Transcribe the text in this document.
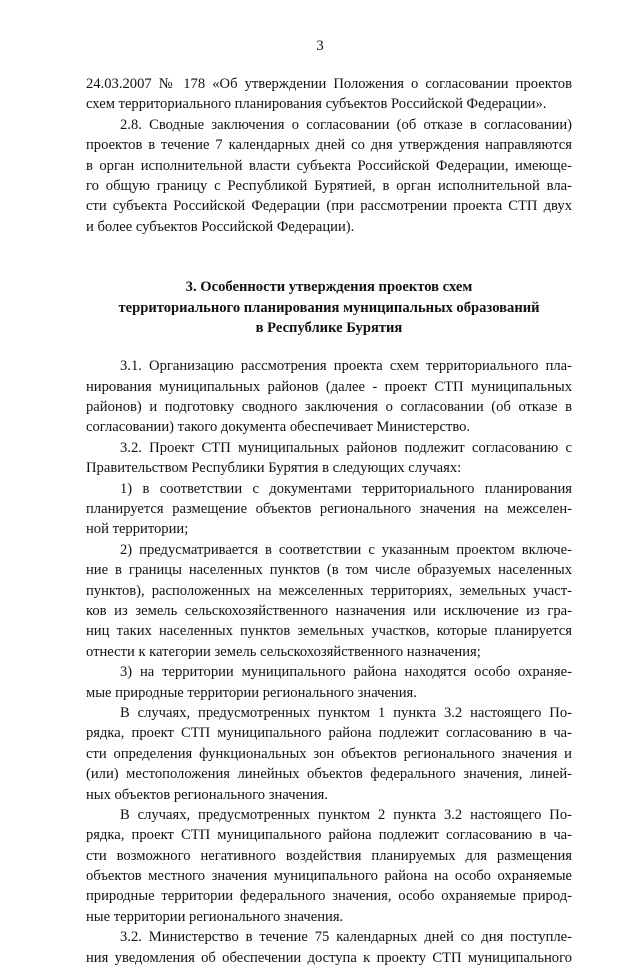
3
24.03.2007 № 178 «Об утверждении Положения о согласовании проектов
схем территориального планирования субъектов Российской Федерации».
2.8. Сводные заключения о согласовании (об отказе в согласовании)
проектов в течение 7 календарных дней со дня утверждения направляются
в орган исполнительной власти субъекта Российской Федерации, имеюще-
го общую границу с Республикой Бурятией, в орган исполнительной вла-
сти субъекта Российской Федерации (при рассмотрении проекта СТП двух
и более субъектов Российской Федерации).
3. Особенности утверждения проектов схем
территориального планирования муниципальных образований
в Республике Бурятия
3.1. Организацию рассмотрения проекта схем территориального пла-
нирования муниципальных районов (далее - проект СТП муниципальных
районов) и подготовку сводного заключения о согласовании (об отказе в
согласовании) такого документа обеспечивает Министерство.
3.2. Проект СТП муниципальных районов подлежит согласованию с
Правительством Республики Бурятия в следующих случаях:
1) в соответствии с документами территориального планирования
планируется размещение объектов регионального значения на межселен-
ной территории;
2) предусматривается в соответствии с указанным проектом включе-
ние в границы населенных пунктов (в том числе образуемых населенных
пунктов), расположенных на межселенных территориях, земельных участ-
ков из земель сельскохозяйственного назначения или исключение из гра-
ниц таких населенных пунктов земельных участков, которые планируется
отнести к категории земель сельскохозяйственного назначения;
3) на территории муниципального района находятся особо охраняе-
мые природные территории регионального значения.
В случаях, предусмотренных пунктом 1 пункта 3.2 настоящего По-
рядка, проект СТП муниципального района подлежит согласованию в ча-
сти определения функциональных зон объектов регионального значения и
(или) местоположения линейных объектов федерального значения, линей-
ных объектов регионального значения.
В случаях, предусмотренных пунктом 2 пункта 3.2 настоящего По-
рядка, проект СТП муниципального района подлежит согласованию в ча-
сти возможного негативного воздействия планируемых для размещения
объектов местного значения муниципального района на особо охраняемые
природные территории федерального значения, особо охраняемые природ-
ные территории регионального значения.
3.2. Министерство в течение 75 календарных дней со дня поступле-
ния уведомления об обеспечении доступа к проекту СТП муниципального
